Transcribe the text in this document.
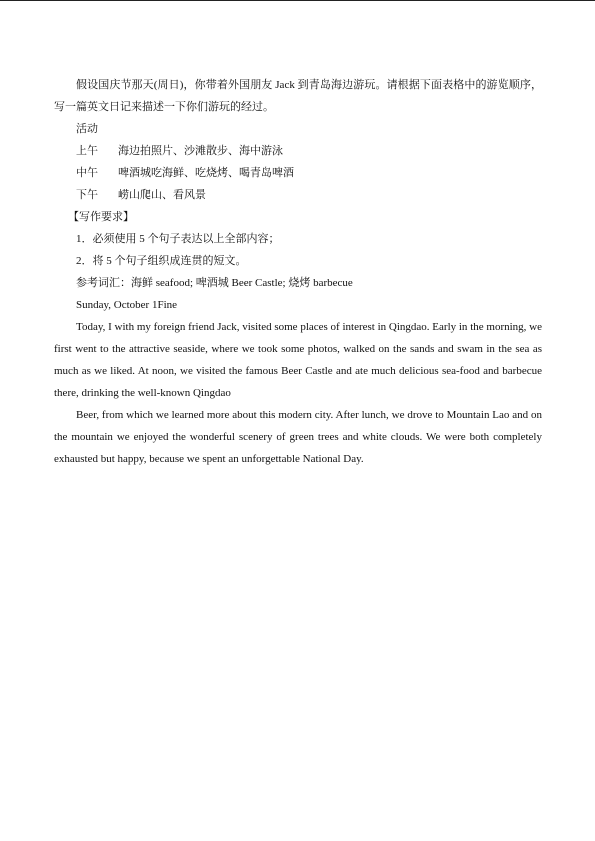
假设国庆节那天(周日)，你带着外国朋友 Jack 到青岛海边游玩。请根据下面表格中的游览顺序，写一篇英文日记来描述一下你们游玩的经过。
活动
上午	海边拍照片、沙滩散步、海中游泳
中午	啤酒城吃海鲜、吃烧烤、喝青岛啤酒
下午	崂山爬山、看风景
【写作要求】
1．必须使用 5 个句子表达以上全部内容；
2．将 5 个句子组织成连贯的短文。
参考词汇：海鲜 seafood; 啤酒城 Beer Castle; 烧烤 barbecue
Sunday, October 1Fine
Today, I with my foreign friend Jack, visited some places of interest in Qingdao. Early in the morning, we first went to the attractive seaside, where we took some photos, walked on the sands and swam in the sea as much as we liked. At noon, we visited the famous Beer Castle and ate much delicious sea-food and barbecue there, drinking the well-known Qingdao
Beer, from which we learned more about this modern city. After lunch, we drove to Mountain Lao and on the mountain we enjoyed the wonderful scenery of green trees and white clouds. We were both completely exhausted but happy, because we spent an unforgettable National Day.
